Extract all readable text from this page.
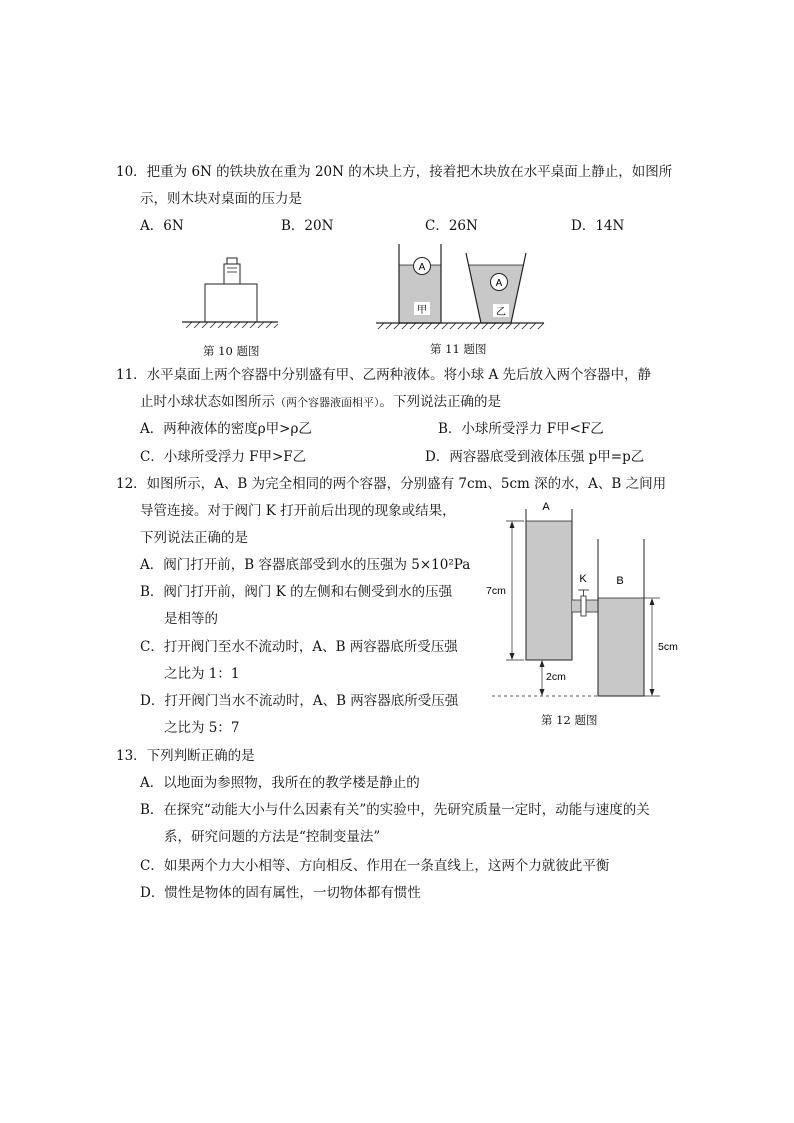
10．把重为 6N 的铁块放在重为 20N 的木块上方，接着把木块放在水平桌面上静止，如图所
示，则木块对桌面的压力是
A．6N	B．20N	C．26N	D．14N
第 10 题图
A
甲
A
乙
第 11 题图
11．水平桌面上两个容器中分别盛有甲、乙两种液体。将小球 A 先后放入两个容器中，静
止时小球状态如图所示（两个容器液面相平）。下列说法正确的是
A．两种液体的密度ρ甲>ρ乙	B．小球所受浮力 F甲<F乙
C．小球所受浮力 F甲>F乙	D．两容器底受到液体压强 p甲=p乙
12．如图所示，A、B 为完全相同的两个容器，分别盛有 7cm、5cm 深的水，A、B 之间用
导管连接。对于阀门 K 打开前后出现的现象或结果，
下列说法正确的是
A．阀门打开前，B 容器底部受到水的压强为 5×10²Pa
B．阀门打开前，阀门 K 的左侧和右侧受到水的压强
是相等的
C．打开阀门至水不流动时，A、B 两容器底所受压强
之比为 1：1
D．打开阀门当水不流动时，A、B 两容器底所受压强
之比为 5：7
A
K	B
7cm
2cm
5cm
第 12 题图
13．下列判断正确的是
A．以地面为参照物，我所在的教学楼是静止的
B．在探究“动能大小与什么因素有关”的实验中，先研究质量一定时，动能与速度的关
系，研究问题的方法是“控制变量法”
C．如果两个力大小相等、方向相反、作用在一条直线上，这两个力就彼此平衡
D．惯性是物体的固有属性，一切物体都有惯性
